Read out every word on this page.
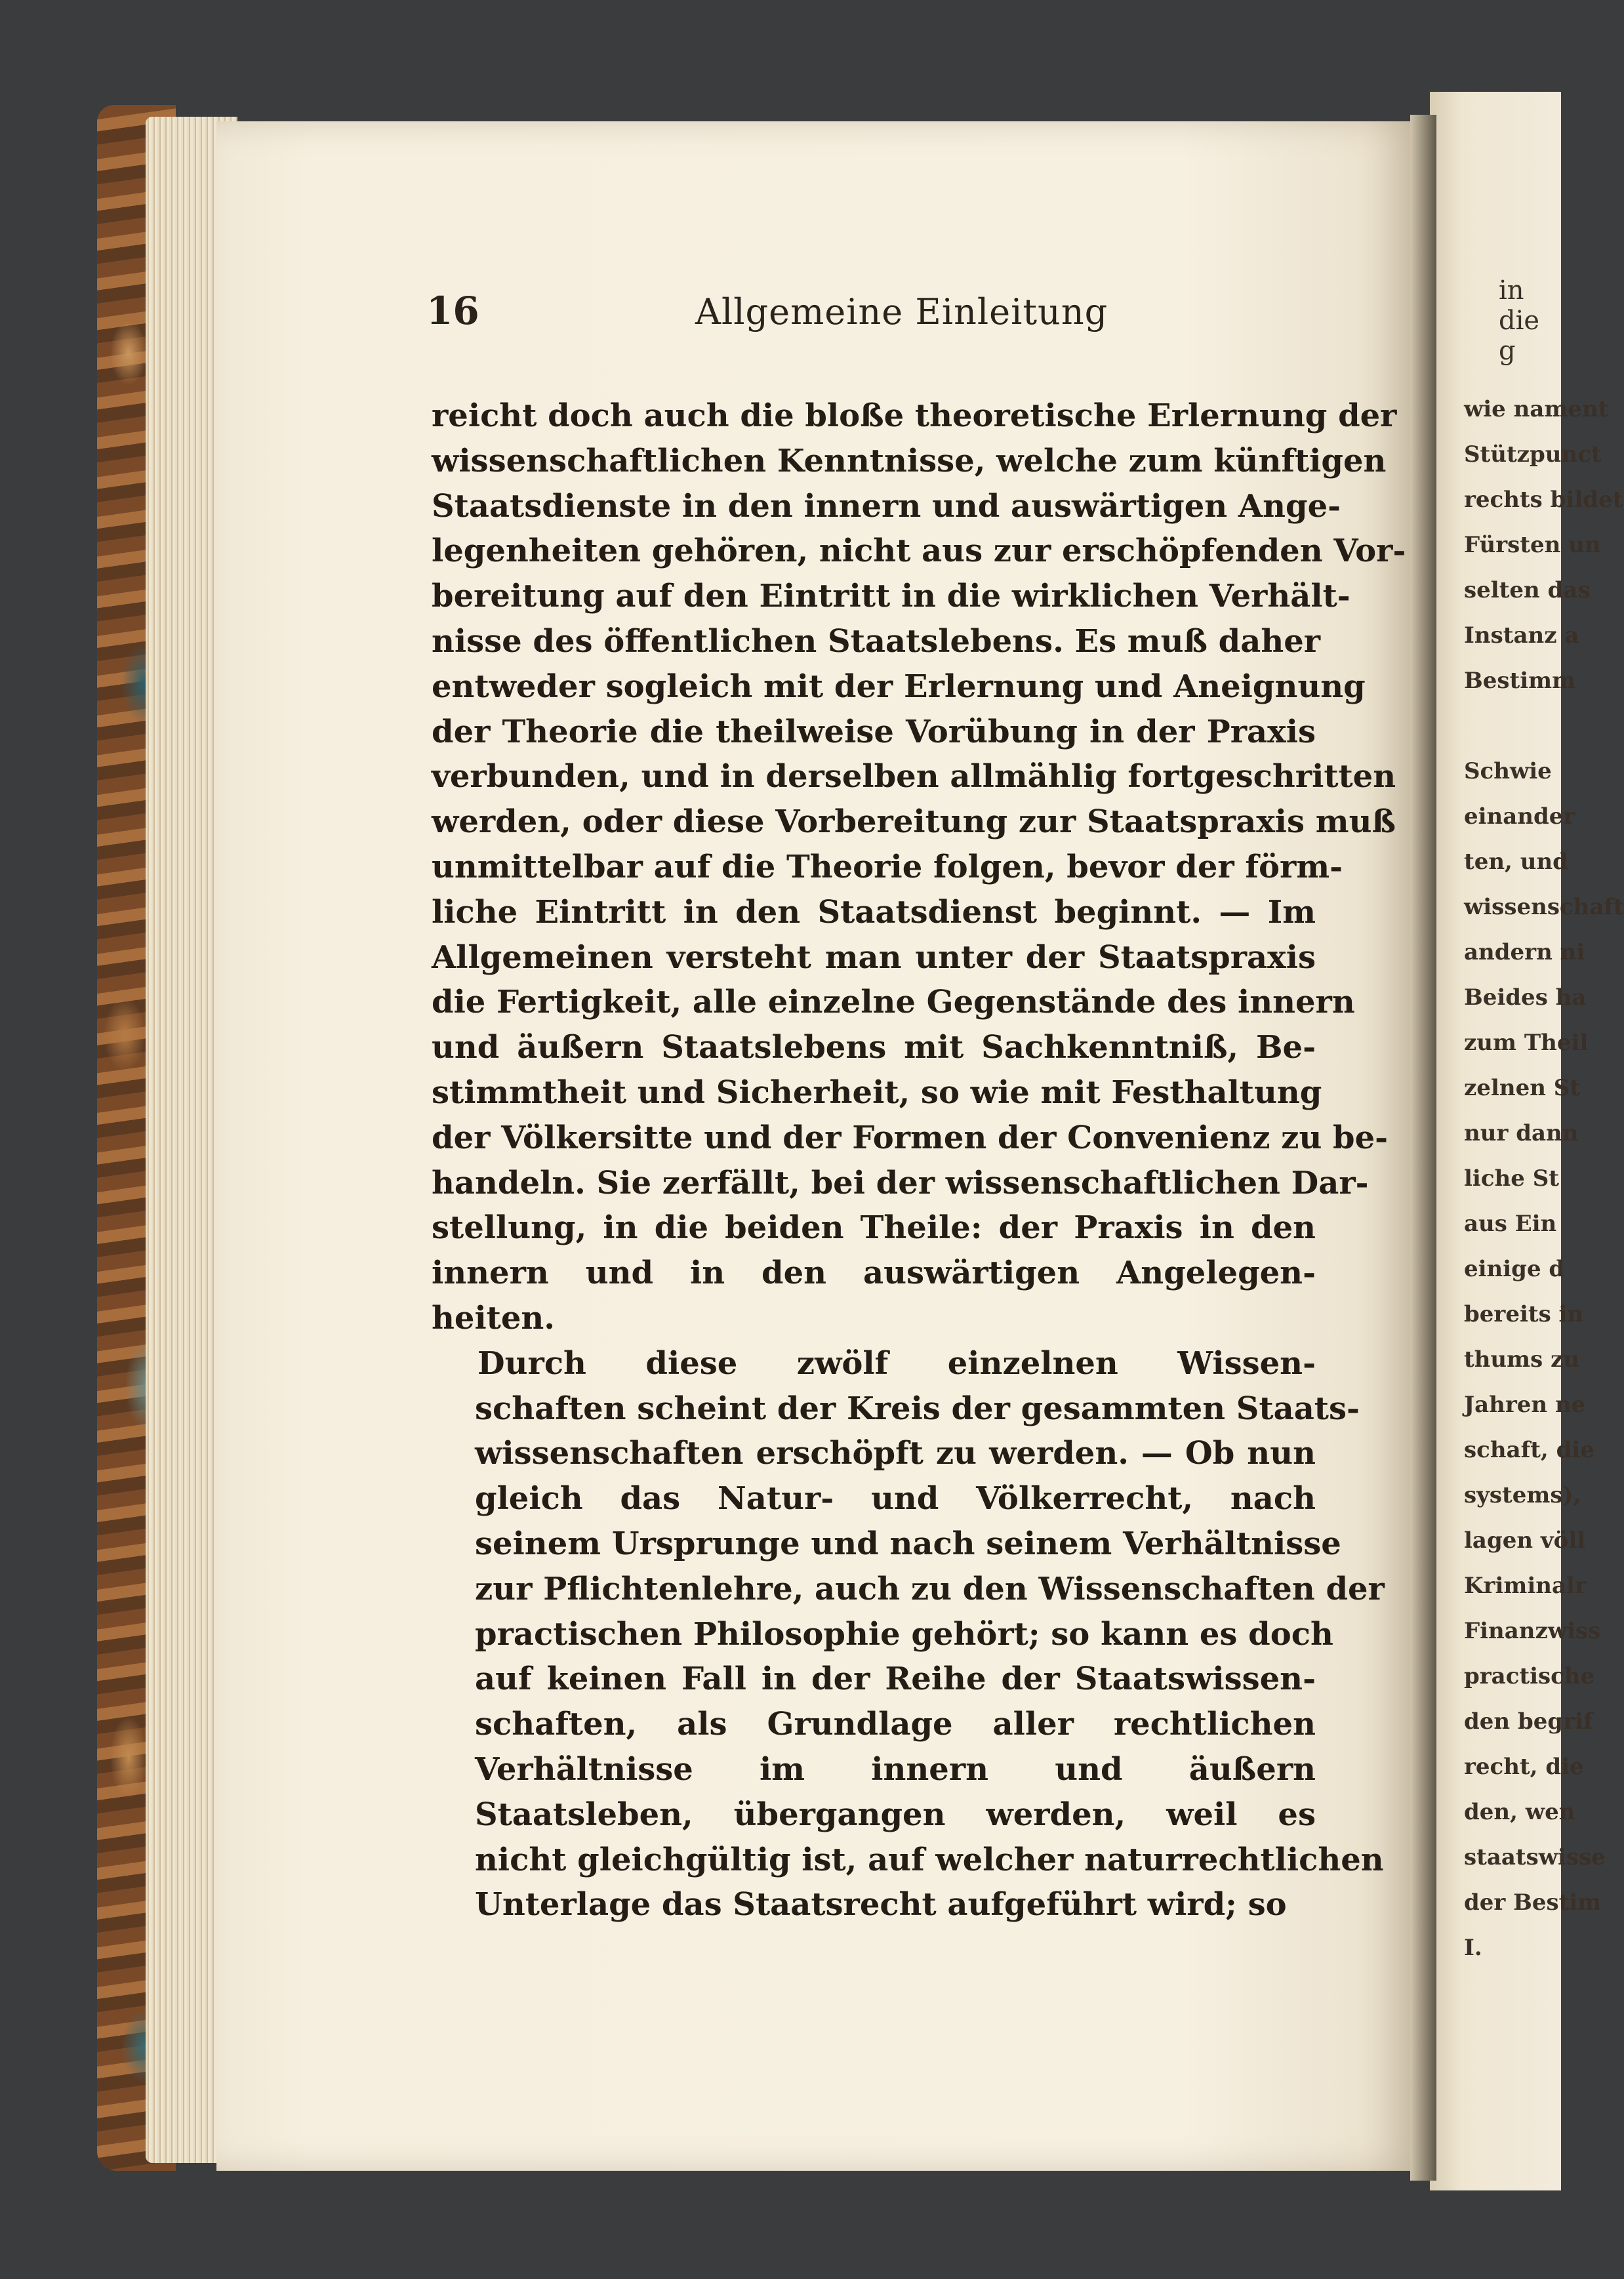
16	Allgemeine Einleitung
reicht doch auch die bloße theoretische Erlernung der
wissenschaftlichen Kenntnisse, welche zum künftigen
Staatsdienste in den innern und auswärtigen Ange-
legenheiten gehören, nicht aus zur erschöpfenden Vor-
bereitung auf den Eintritt in die wirklichen Verhält-
nisse des öffentlichen Staatslebens. Es muß daher
entweder sogleich mit der Erlernung und Aneignung
der Theorie die theilweise Vorübung in der Praxis
verbunden, und in derselben allmählig fortgeschritten
werden, oder diese Vorbereitung zur Staatspraxis muß
unmittelbar auf die Theorie folgen, bevor der förm-
liche Eintritt in den Staatsdienst beginnt. — Im
Allgemeinen versteht man unter der Staatspraxis
die Fertigkeit, alle einzelne Gegenstände des innern
und äußern Staatslebens mit Sachkenntniß, Be-
stimmtheit und Sicherheit, so wie mit Festhaltung
der Völkersitte und der Formen der Convenienz zu be-
handeln. Sie zerfällt, bei der wissenschaftlichen Dar-
stellung, in die beiden Theile: der Praxis in den
innern und in den auswärtigen Angelegen-
heiten.
Durch diese zwölf einzelnen Wissen-
schaften scheint der Kreis der gesammten Staats-
wissenschaften erschöpft zu werden. — Ob nun
gleich das Natur- und Völkerrecht, nach
seinem Ursprunge und nach seinem Verhältnisse
zur Pflichtenlehre, auch zu den Wissenschaften der
practischen Philosophie gehört; so kann es doch
auf keinen Fall in der Reihe der Staatswissen-
schaften, als Grundlage aller rechtlichen
Verhältnisse im innern und äußern
Staatsleben, übergangen werden, weil es
nicht gleichgültig ist, auf welcher naturrechtlichen
Unterlage das Staatsrecht aufgeführt wird; so
in die g
wie nament
Stützpunct
rechts bildet
Fürsten un
selten das
Instanz a
Bestimm
Schwie
einander
ten, und
wissenschaft
andern ni
Beides ha
zum Theil
zelnen St
nur dann
liche St
aus Ein
einige d
bereits in
thums zu
Jahren ne
schaft, die
systems),
lagen völl
Kriminalr
Finanzwiss
practische
den begrif
recht, die
den, wen
staatswisse
der Bestim
I.
